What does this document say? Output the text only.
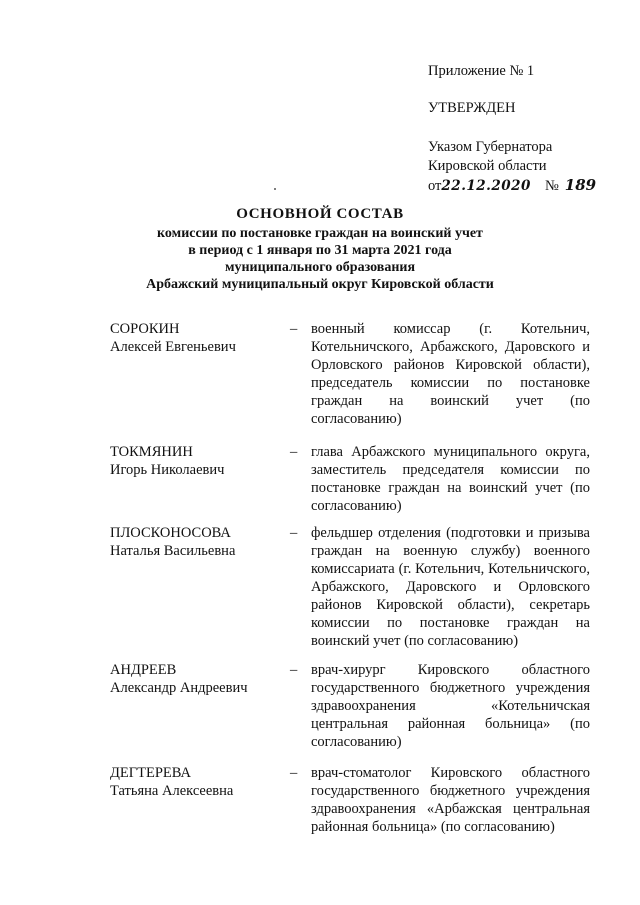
Приложение № 1
УТВЕРЖДЕН
Указом Губернатора
Кировской области
от22.12.2020 № 189
ОСНОВНОЙ СОСТАВ
комиссии по постановке граждан на воинский учет
в период с 1 января по 31 марта 2021 года
муниципального образования
Арбажский муниципальный округ Кировской области
СОРОКИН
Алексей Евгеньевич
– военный комиссар (г. Котельнич, Котельничского, Арбажского, Даровского и Орловского районов Кировской области), председатель комиссии по постановке граждан на воинский учет (по согласованию)
ТОКМЯНИН
Игорь Николаевич
– глава Арбажского муниципального округа, заместитель председателя комиссии по постановке граждан на воинский учет (по согласованию)
ПЛОСКОНОСОВА
Наталья Васильевна
– фельдшер отделения (подготовки и призыва граждан на военную службу) военного комиссариата (г. Котельнич, Котельничского, Арбажского, Даровского и Орловского районов Кировской области), секретарь комиссии по постановке граждан на воинский учет (по согласованию)
АНДРЕЕВ
Александр Андреевич
– врач-хирург Кировского областного государственного бюджетного учреждения здравоохранения «Котельничская центральная районная больница» (по согласованию)
ДЕГТЕРЕВА
Татьяна Алексеевна
– врач-стоматолог Кировского областного государственного бюджетного учреждения здравоохранения «Арбажская центральная районная больница» (по согласованию)
